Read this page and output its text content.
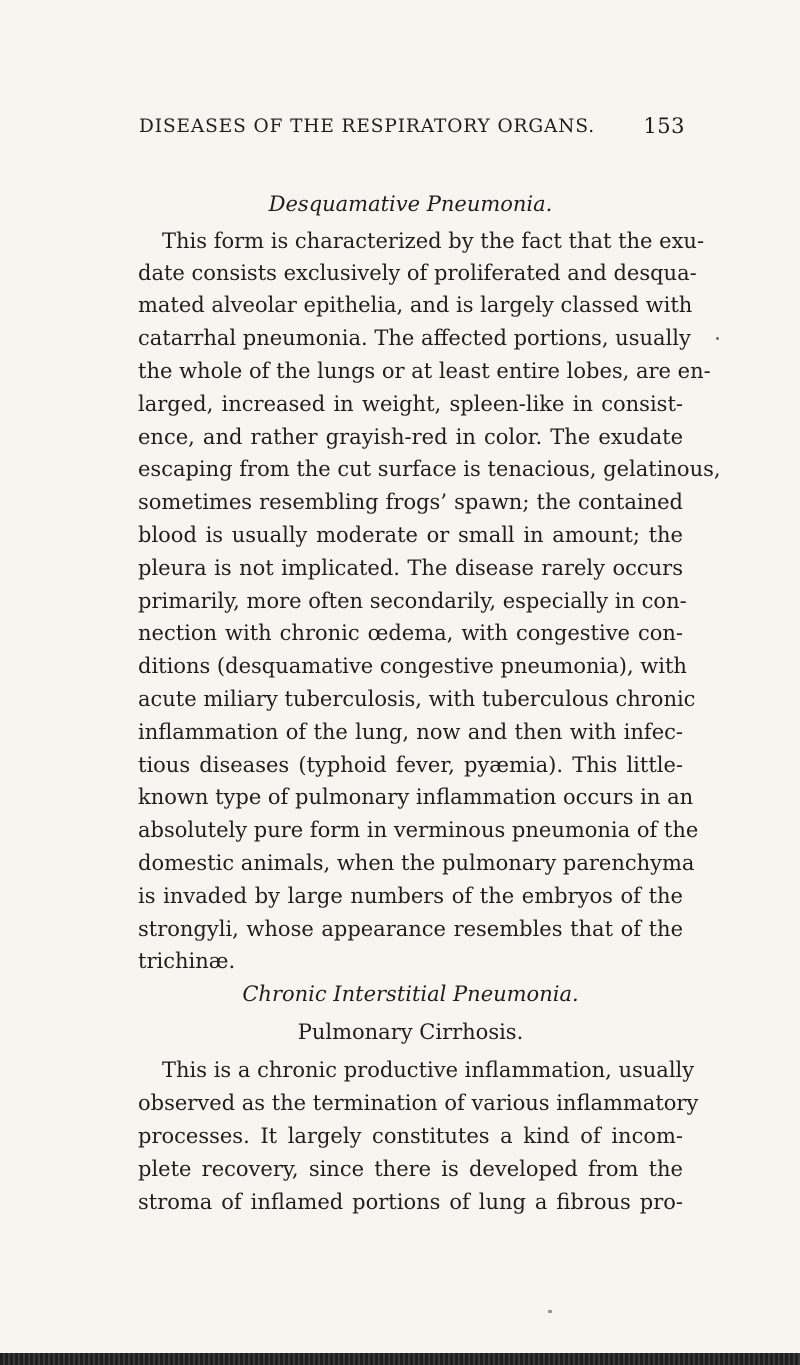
DISEASES OF THE RESPIRATORY ORGANS. 153
Desquamative Pneumonia.
This form is characterized by the fact that the exu-
date consists exclusively of proliferated and desqua-
mated alveolar epithelia, and is largely classed with
catarrhal pneumonia. The affected portions, usually
the whole of the lungs or at least entire lobes, are en-
larged, increased in weight, spleen-like in consist-
ence, and rather grayish-red in color. The exudate
escaping from the cut surface is tenacious, gelatinous,
sometimes resembling frogs’ spawn; the contained
blood is usually moderate or small in amount; the
pleura is not implicated. The disease rarely occurs
primarily, more often secondarily, especially in con-
nection with chronic œdema, with congestive con-
ditions (desquamative congestive pneumonia), with
acute miliary tuberculosis, with tuberculous chronic
inflammation of the lung, now and then with infec-
tious diseases (typhoid fever, pyæmia). This little-
known type of pulmonary inflammation occurs in an
absolutely pure form in verminous pneumonia of the
domestic animals, when the pulmonary parenchyma
is invaded by large numbers of the embryos of the
strongyli, whose appearance resembles that of the
trichinæ.
Chronic Interstitial Pneumonia.
Pulmonary Cirrhosis.
This is a chronic productive inflammation, usually
observed as the termination of various inflammatory
processes. It largely constitutes a kind of incom-
plete recovery, since there is developed from the
stroma of inflamed portions of lung a fibrous pro-
